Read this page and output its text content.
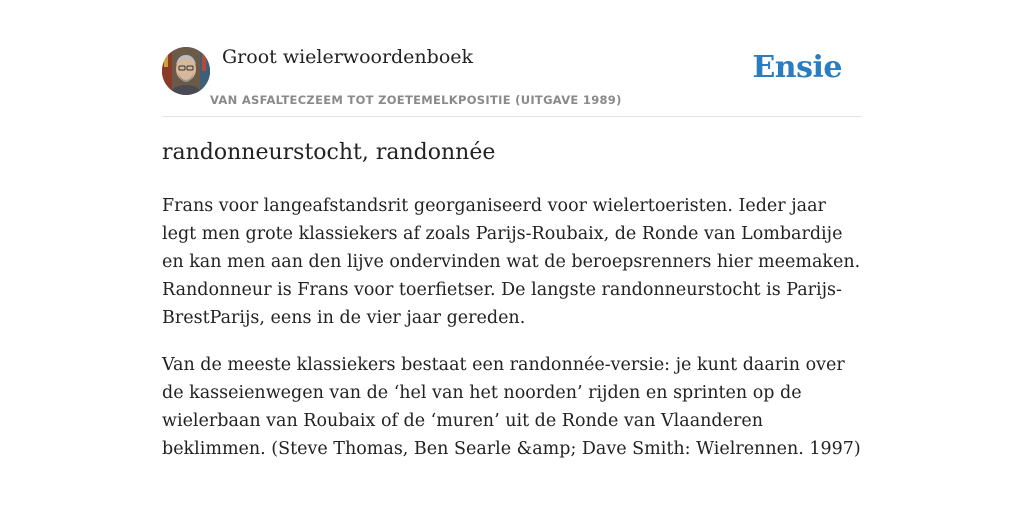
Groot wielerwoordenboek
VAN ASFALTECZEEM TOT ZOETEMELKPOSITIE (UITGAVE 1989)
Ensie
randonneurstocht, randonnée

Frans voor langeafstandsrit georganiseerd voor wielertoeristen. Ieder jaar legt men grote klassiekers af zoals Parijs-Roubaix, de Ronde van Lombardije en kan men aan den lijve ondervinden wat de beroepsrenners hier meemaken. Randonneur is Frans voor toerfietser. De langste randonneurstocht is Parijs-BrestParijs, eens in de vier jaar gereden.

Van de meeste klassiekers bestaat een randonnée-versie: je kunt daarin over de kasseienwegen van de ‘hel van het noorden’ rijden en sprinten op de wielerbaan van Roubaix of de ‘muren’ uit de Ronde van Vlaanderen beklimmen. (Steve Thomas, Ben Searle &amp; Dave Smith: Wielrennen. 1997)
